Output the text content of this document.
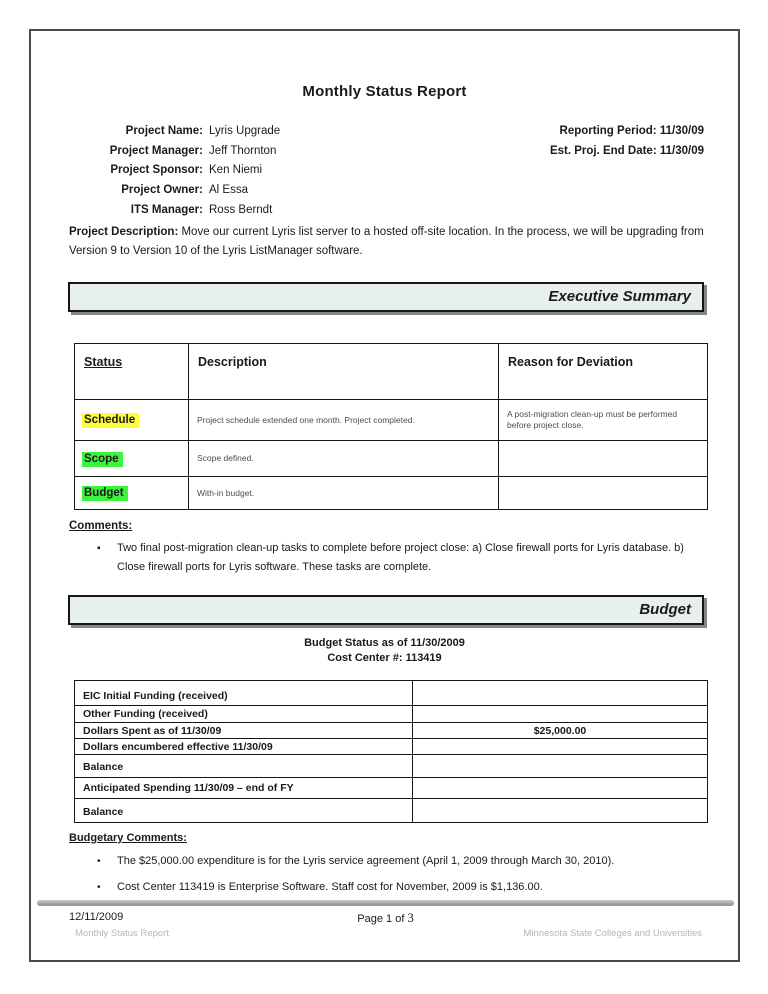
Monthly Status Report
Project Name: Lyris Upgrade
Project Manager: Jeff Thornton
Project Sponsor: Ken Niemi
Project Owner: Al Essa
ITS Manager: Ross Berndt
Reporting Period: 11/30/09
Est. Proj. End Date: 11/30/09
Project Description: Move our current Lyris list server to a hosted off-site location. In the process, we will be upgrading from Version 9 to Version 10 of the Lyris ListManager software.
Executive Summary
Status	Description	Reason for Deviation
Schedule	Project schedule extended one month. Project completed.	A post-migration clean-up must be performed before project close.
Scope	Scope defined.	
Budget	With-in budget.	
Comments:
▪	Two final post-migration clean-up tasks to complete before project close: a) Close firewall ports for Lyris database. b) Close firewall ports for Lyris software. These tasks are complete.
Budget
Budget Status as of 11/30/2009
Cost Center #: 113419
EIC Initial Funding (received)	
Other Funding (received)	
Dollars Spent as of 11/30/09	$25,000.00
Dollars encumbered effective 11/30/09	
Balance	
Anticipated Spending 11/30/09 – end of FY	
Balance	
Budgetary Comments:
•	The $25,000.00 expenditure is for the Lyris service agreement (April 1, 2009 through March 30, 2010).
•	Cost Center 113419 is Enterprise Software. Staff cost for November, 2009 is $1,136.00.
12/11/2009	Page 1 of 3
Monthly Status Report	Minnesota State Colleges and Universities
